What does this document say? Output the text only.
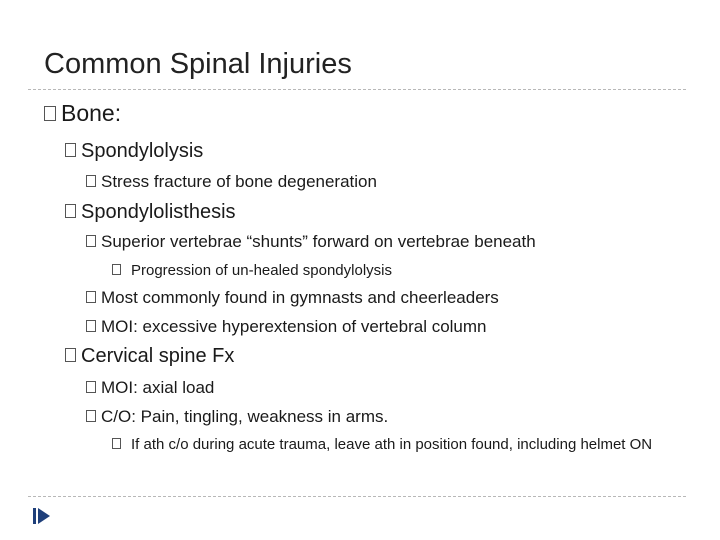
Common Spinal Injuries
Bone:
Spondylolysis
Stress fracture of bone degeneration
Spondylolisthesis
Superior vertebrae “shunts” forward on vertebrae beneath
Progression of un-healed spondylolysis
Most commonly found in gymnasts and cheerleaders
MOI: excessive hyperextension of vertebral column
Cervical spine Fx
MOI: axial load
C/O: Pain, tingling, weakness in arms.
If ath c/o during acute trauma, leave ath in position found, including helmet ON
